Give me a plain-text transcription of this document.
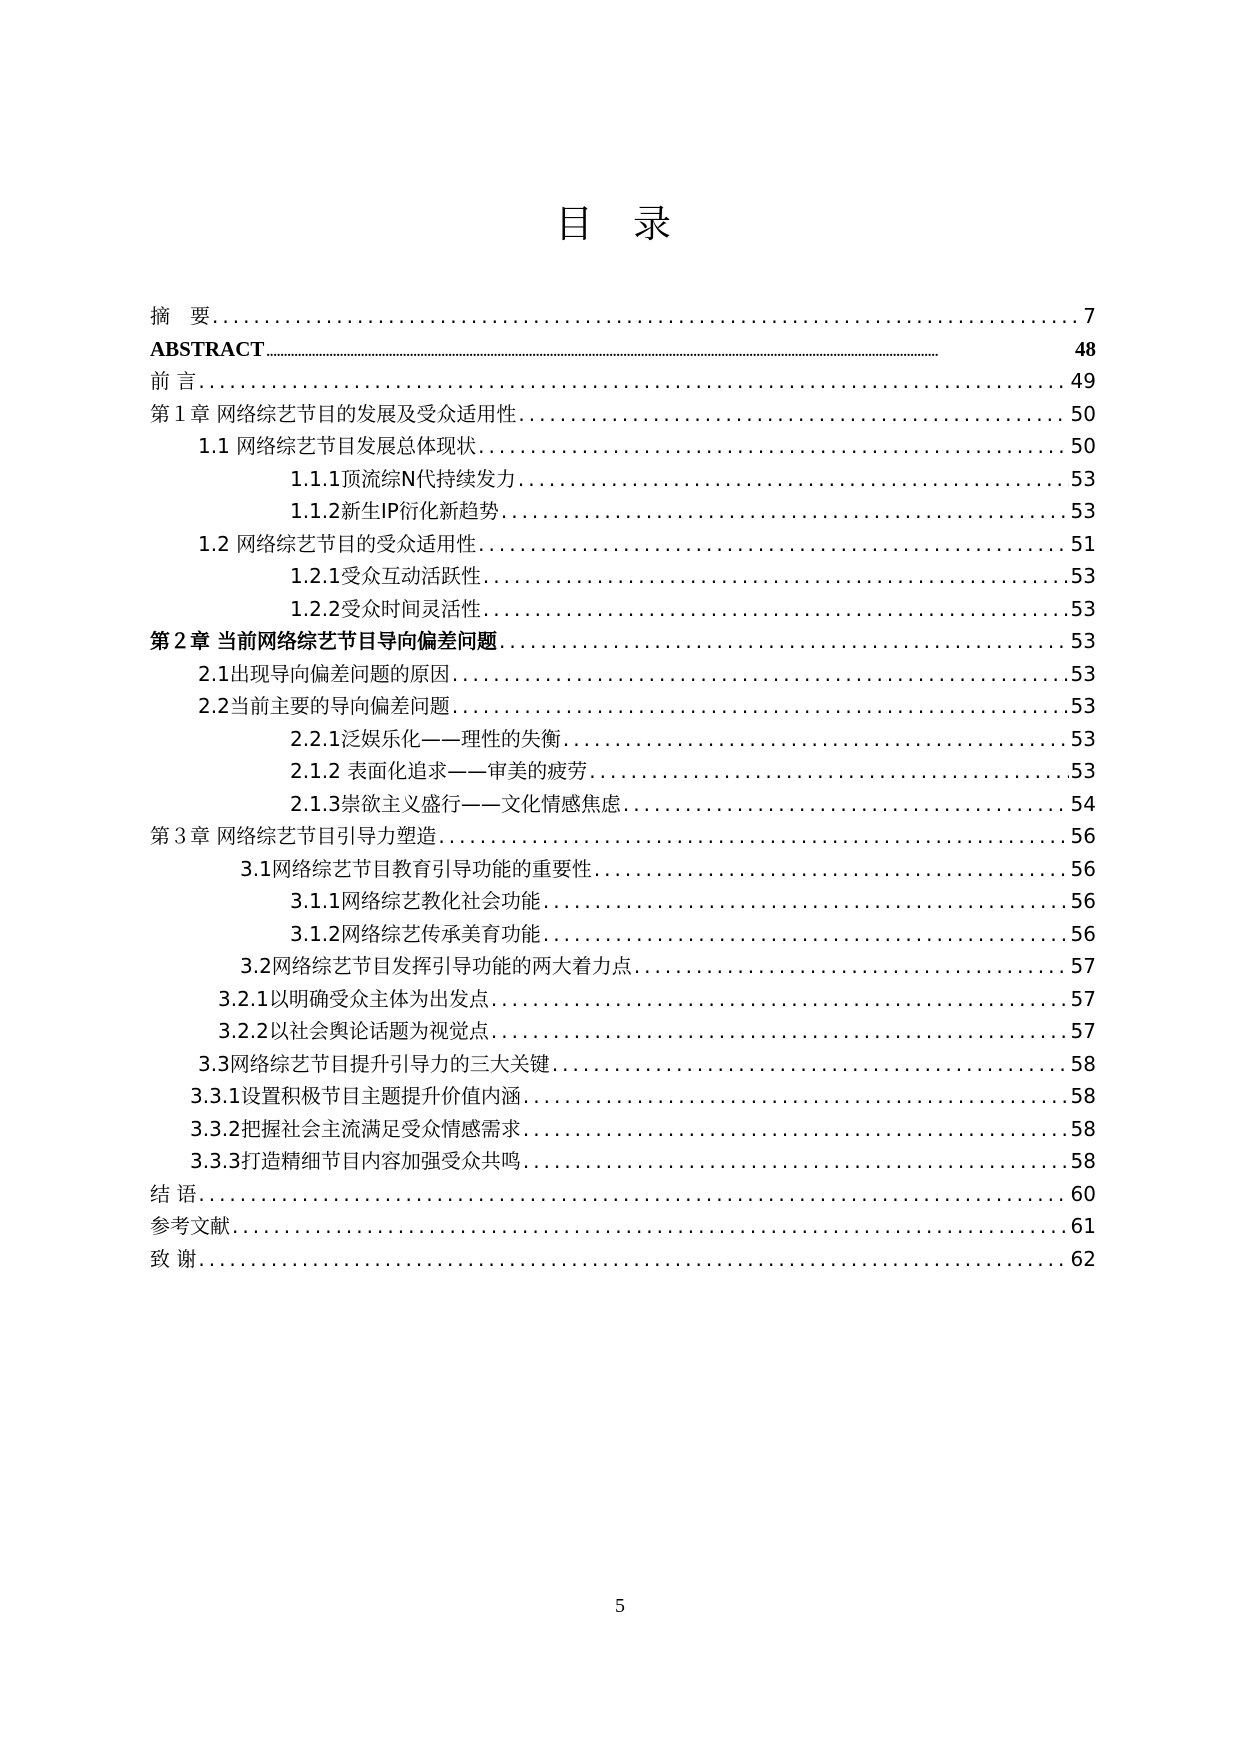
目 录
摘　要 .....	7
ABSTRACT .....	48
前 言 .....	49
第１章 网络综艺节目的发展及受众适用性 .....	50
1.1 网络综艺节目发展总体现状 .....	50
1.1.1顶流综N代持续发力 .....	53
1.1.2新生IP衍化新趋势 .....	53
1.2 网络综艺节目的受众适用性 .....	51
1.2.1受众互动活跃性 .....	53
1.2.2受众时间灵活性 .....	53
第２章 当前网络综艺节目导向偏差问题 .....	53
2.1出现导向偏差问题的原因 .....	53
2.2当前主要的导向偏差问题 .....	53
2.2.1泛娱乐化——理性的失衡 .....	53
2.1.2 表面化追求——审美的疲劳 .....	53
2.1.3崇欲主义盛行——文化情感焦虑 .....	54
第３章 网络综艺节目引导力塑造 .....	56
3.1网络综艺节目教育引导功能的重要性 .....	56
3.1.1网络综艺教化社会功能 .....	56
3.1.2网络综艺传承美育功能 .....	56
3.2网络综艺节目发挥引导功能的两大着力点 .....	57
3.2.1以明确受众主体为出发点 .....	57
3.2.2以社会舆论话题为视觉点 .....	57
3.3网络综艺节目提升引导力的三大关键 .....	58
3.3.1设置积极节目主题提升价值内涵 .....	58
3.3.2把握社会主流满足受众情感需求 .....	58
3.3.3打造精细节目内容加强受众共鸣 .....	58
结 语 .....	60
参考文献 .....	61
致 谢 .....	62
5
